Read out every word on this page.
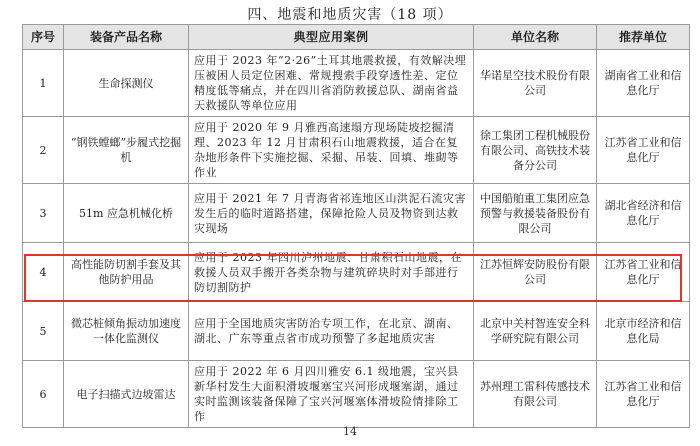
四、地震和地质灾害（18 项）
序号	装备产品名称	典型应用案例	单位名称	推荐单位
1	生命探测仪	应用于 2023 年“2·26”土耳其地震救援，有效解决埋压被困人员定位困难、常规搜索手段穿透性差、定位精度低等痛点，并在四川省消防救援总队、湖南省益天救援队等单位应用	华诺星空技术股份有限公司	湖南省工业和信息化厅
2	“钢铁螳螂”步履式挖掘机	应用于 2020 年 9 月雅西高速塌方现场陡坡挖掘清理、2023 年 12 月甘肃积石山地震救援，适合在复杂地形条件下实施挖掘、采掘、吊装、回填、堆砌等作业	徐工集团工程机械股份有限公司、高铁技术装备分公司	江苏省工业和信息化厅
3	51m 应急机械化桥	应用于 2021 年 7 月青海省祁连地区山洪泥石流灾害发生后的临时道路搭建，保障抢险人员及物资到达救灾现场	中国船舶重工集团应急预警与救援装备股份有限公司	湖北省经济和信息化厅
4	高性能防切割手套及其他防护用品	应用于 2023 年四川泸州地震、甘肃积石山地震，在救援人员双手搬开各类杂物与建筑碎块时对手部进行防切割防护	江苏恒辉安防股份有限公司	江苏省工业和信息化厅
5	微芯桩倾角振动加速度一体化监测仪	应用于全国地质灾害防治专项工作，在北京、湖南、湖北、广东等重点省市成功预警了多起地质灾害	北京中关村智连安全科学研究院有限公司	北京市经济和信息化局
6	电子扫描式边坡雷达	应用于 2022 年 6 月四川雅安 6.1 级地震，宝兴县新华村发生大面积滑坡堰塞宝兴河形成堰塞湖，通过实时监测该装备保障了宝兴河堰塞体滑坡险情排除工作	苏州理工雷科传感技术有限公司	江苏省工业和信息化厅
14
